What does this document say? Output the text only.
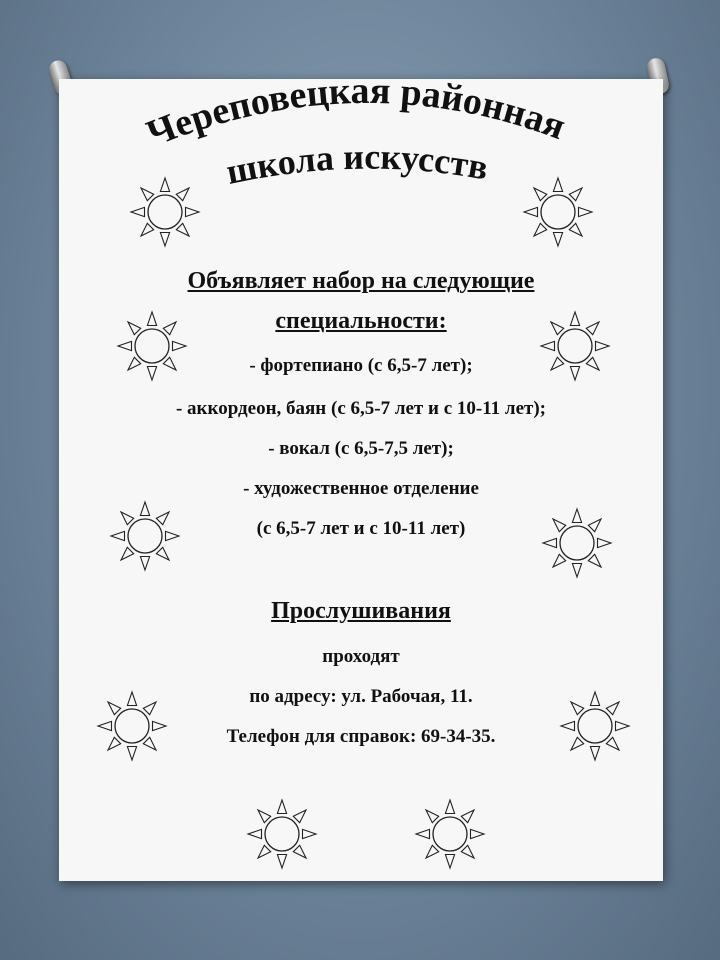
Череповецкая районная
школа искусств
Объявляет набор на следующие
специальности:
- фортепиано (с 6,5-7 лет);
- аккордеон, баян (с 6,5-7 лет и с 10-11 лет);
- вокал (с 6,5-7,5 лет);
- художественное отделение
(с 6,5-7 лет и с 10-11 лет)
Прослушивания
проходят
по адресу: ул. Рабочая, 11.
Телефон для справок: 69-34-35.
